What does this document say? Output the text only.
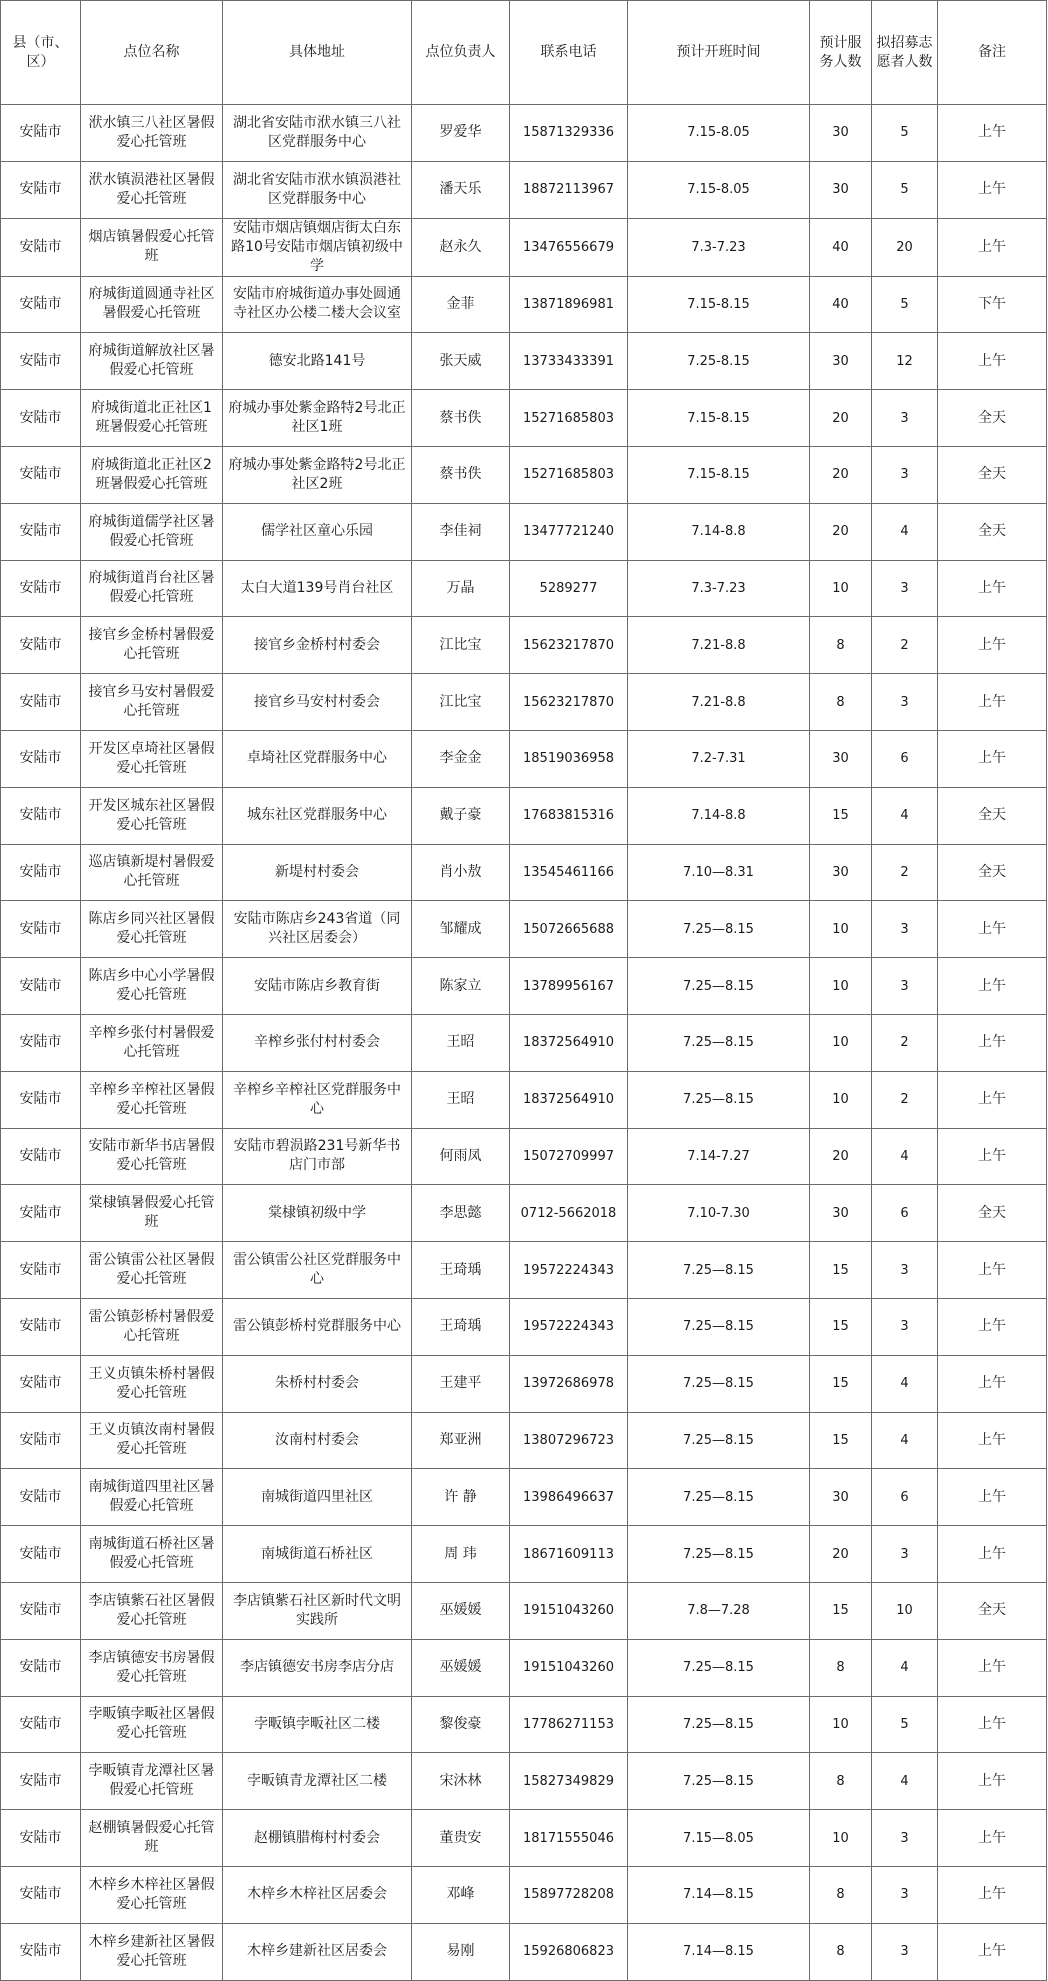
县（市、区）	点位名称	具体地址	点位负责人	联系电话	预计开班时间	预计服务人数	拟招募志愿者人数	备注
安陆市	洑水镇三八社区暑假爱心托管班	湖北省安陆市洑水镇三八社区党群服务中心	罗爱华	15871329336	7.15-8.05	30	5	上午
安陆市	洑水镇涢港社区暑假爱心托管班	湖北省安陆市洑水镇涢港社区党群服务中心	潘天乐	18872113967	7.15-8.05	30	5	上午
安陆市	烟店镇暑假爱心托管班	安陆市烟店镇烟店街太白东路10号安陆市烟店镇初级中学	赵永久	13476556679	7.3-7.23	40	20	上午
安陆市	府城街道圆通寺社区暑假爱心托管班	安陆市府城街道办事处圆通寺社区办公楼二楼大会议室	金菲	13871896981	7.15-8.15	40	5	下午
安陆市	府城街道解放社区暑假爱心托管班	德安北路141号	张天威	13733433391	7.25-8.15	30	12	上午
安陆市	府城街道北正社区1班暑假爱心托管班	府城办事处紫金路特2号北正社区1班	蔡书佚	15271685803	7.15-8.15	20	3	全天
安陆市	府城街道北正社区2班暑假爱心托管班	府城办事处紫金路特2号北正社区2班	蔡书佚	15271685803	7.15-8.15	20	3	全天
安陆市	府城街道儒学社区暑假爱心托管班	儒学社区童心乐园	李佳祠	13477721240	7.14-8.8	20	4	全天
安陆市	府城街道肖台社区暑假爱心托管班	太白大道139号肖台社区	万晶	5289277	7.3-7.23	10	3	上午
安陆市	接官乡金桥村暑假爱心托管班	接官乡金桥村村委会	江比宝	15623217870	7.21-8.8	8	2	上午
安陆市	接官乡马安村暑假爱心托管班	接官乡马安村村委会	江比宝	15623217870	7.21-8.8	8	3	上午
安陆市	开发区卓埼社区暑假爱心托管班	卓埼社区党群服务中心	李金金	18519036958	7.2-7.31	30	6	上午
安陆市	开发区城东社区暑假爱心托管班	城东社区党群服务中心	戴子豪	17683815316	7.14-8.8	15	4	全天
安陆市	巡店镇新堤村暑假爱心托管班	新堤村村委会	肖小敖	13545461166	7.10—8.31	30	2	全天
安陆市	陈店乡同兴社区暑假爱心托管班	安陆市陈店乡243省道（同兴社区居委会）	邹耀成	15072665688	7.25—8.15	10	3	上午
安陆市	陈店乡中心小学暑假爱心托管班	安陆市陈店乡教育街	陈家立	13789956167	7.25—8.15	10	3	上午
安陆市	辛榨乡张付村暑假爱心托管班	辛榨乡张付村村委会	王昭	18372564910	7.25—8.15	10	2	上午
安陆市	辛榨乡辛榨社区暑假爱心托管班	辛榨乡辛榨社区党群服务中心	王昭	18372564910	7.25—8.15	10	2	上午
安陆市	安陆市新华书店暑假爱心托管班	安陆市碧涢路231号新华书店门市部	何雨凤	15072709997	7.14-7.27	20	4	上午
安陆市	棠棣镇暑假爱心托管班	棠棣镇初级中学	李思懿	0712-5662018	7.10-7.30	30	6	全天
安陆市	雷公镇雷公社区暑假爱心托管班	雷公镇雷公社区党群服务中心	王琦瑀	19572224343	7.25—8.15	15	3	上午
安陆市	雷公镇彭桥村暑假爱心托管班	雷公镇彭桥村党群服务中心	王琦瑀	19572224343	7.25—8.15	15	3	上午
安陆市	王义贞镇朱桥村暑假爱心托管班	朱桥村村委会	王建平	13972686978	7.25—8.15	15	4	上午
安陆市	王义贞镇汝南村暑假爱心托管班	汝南村村委会	郑亚洲	13807296723	7.25—8.15	15	4	上午
安陆市	南城街道四里社区暑假爱心托管班	南城街道四里社区	许 静	13986496637	7.25—8.15	30	6	上午
安陆市	南城街道石桥社区暑假爱心托管班	南城街道石桥社区	周 玮	18671609113	7.25—8.15	20	3	上午
安陆市	李店镇紫石社区暑假爱心托管班	李店镇紫石社区新时代文明实践所	巫媛媛	19151043260	7.8—7.28	15	10	全天
安陆市	李店镇德安书房暑假爱心托管班	李店镇德安书房李店分店	巫媛媛	19151043260	7.25—8.15	8	4	上午
安陆市	孛畈镇孛畈社区暑假爱心托管班	孛畈镇孛畈社区二楼	黎俊豪	17786271153	7.25—8.15	10	5	上午
安陆市	孛畈镇青龙潭社区暑假爱心托管班	孛畈镇青龙潭社区二楼	宋沐林	15827349829	7.25—8.15	8	4	上午
安陆市	赵棚镇暑假爱心托管班	赵棚镇腊梅村村委会	董贵安	18171555046	7.15—8.05	10	3	上午
安陆市	木梓乡木梓社区暑假爱心托管班	木梓乡木梓社区居委会	邓峰	15897728208	7.14—8.15	8	3	上午
安陆市	木梓乡建新社区暑假爱心托管班	木梓乡建新社区居委会	易刚	15926806823	7.14—8.15	8	3	上午
